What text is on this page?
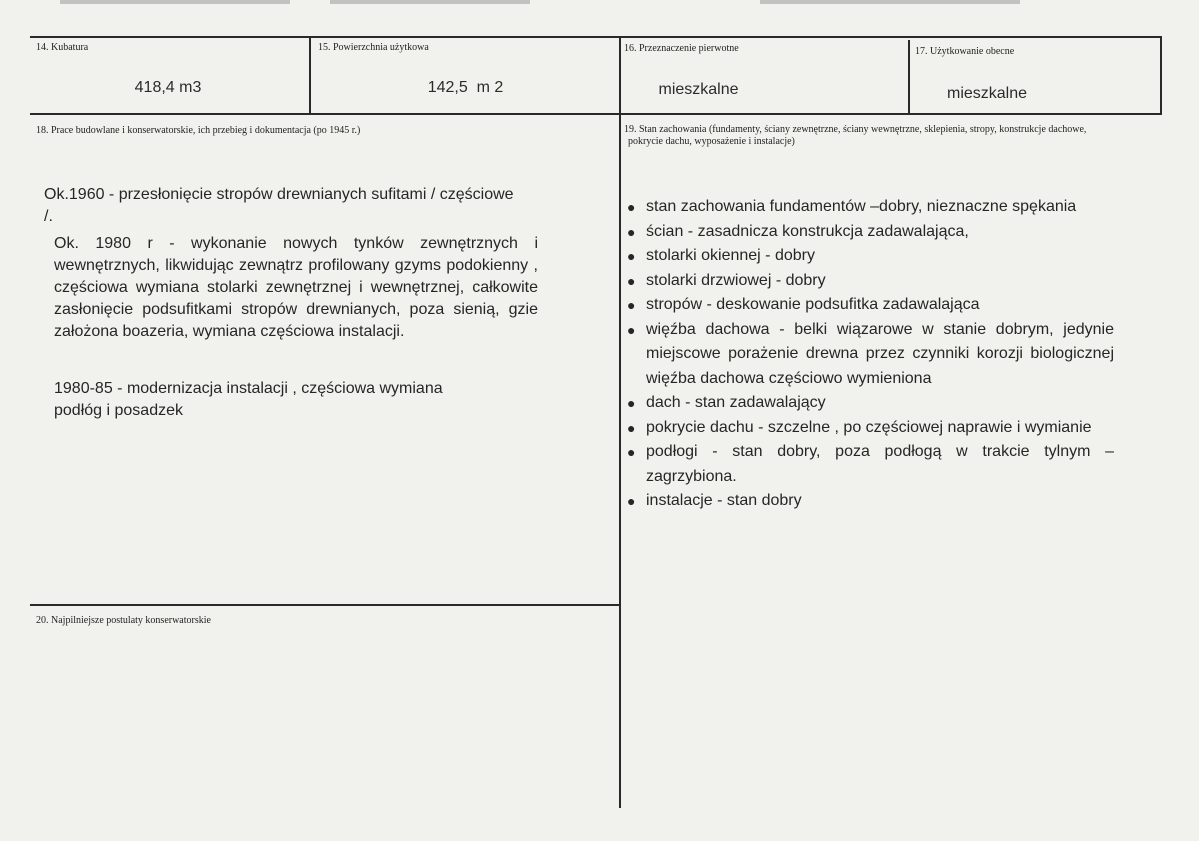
14. Kubatura
418,4 m3
15. Powierzchnia użytkowa
142,5  m 2
16. Przeznaczenie pierwotne
mieszkalne
17. Użytkowanie obecne
mieszkalne
18. Prace budowlane i konserwatorskie, ich przebieg i dokumentacja (po 1945 r.)
Ok.1960 - przesłonięcie stropów drewnianych sufitami / częściowe /.
Ok. 1980 r - wykonanie nowych tynków zewnętrznych i wewnętrznych, likwidując zewnątrz profilowany gzyms podokienny , częściowa wymiana stolarki zewnętrznej i wewnętrznej, całkowite zasłonięcie podsufitkami stropów drewnianych, poza sienią, gzie założona boazeria, wymiana częściowa instalacji.
1980-85 - modernizacja instalacji , częściowa wymiana podłóg i posadzek
19. Stan zachowania (fundamenty, ściany zewnętrzne, ściany wewnętrzne, sklepienia, stropy, konstrukcje dachowe,
pokrycie dachu, wyposażenie i instalacje)
● stan zachowania fundamentów –dobry, nieznaczne spękania
● ścian - zasadnicza konstrukcja zadawalająca,
● stolarki okiennej - dobry
● stolarki drzwiowej - dobry
● stropów - deskowanie podsufitka zadawalająca
● więźba dachowa - belki wiązarowe w stanie dobrym, jedynie miejscowe porażenie drewna przez czynniki korozji biologicznej więźba dachowa częściowo wymieniona
● dach - stan zadawalający
● pokrycie dachu - szczelne , po częściowej naprawie i wymianie
● podłogi - stan dobry, poza podłogą w trakcie tylnym – zagrzybiona.
● instalacje - stan dobry
20. Najpilniejsze postulaty konserwatorskie
